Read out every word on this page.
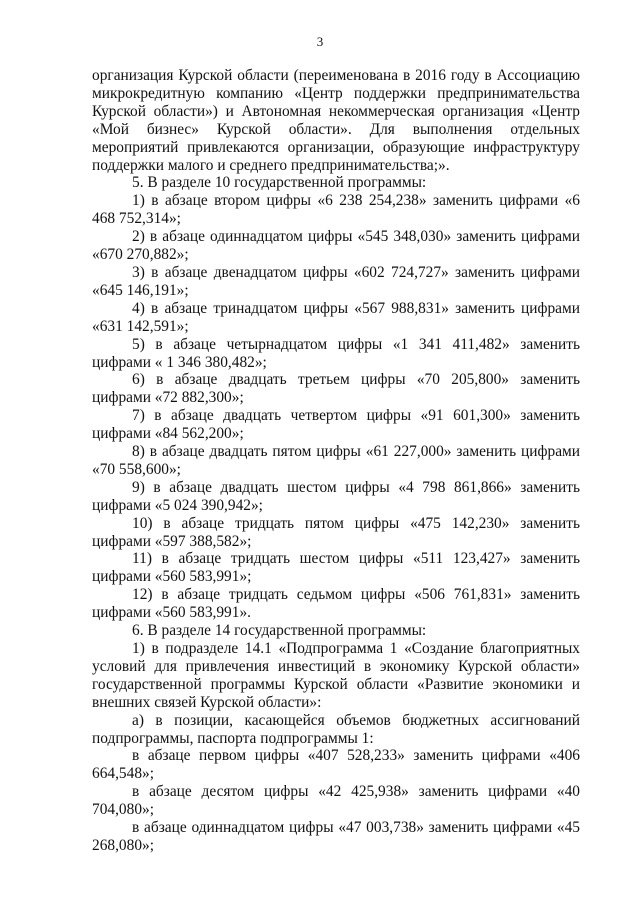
3

организация Курской области (переименована в 2016 году в Ассоциацию микрокредитную компанию «Центр поддержки предпринимательства Курской области») и Автономная некоммерческая организация «Центр «Мой бизнес» Курской области». Для выполнения отдельных мероприятий привлекаются организации, образующие инфраструктуру поддержки малого и среднего предпринимательства;».

5. В разделе 10 государственной программы:

1) в абзаце втором цифры «6 238 254,238» заменить цифрами «6 468 752,314»;

2) в абзаце одиннадцатом цифры «545 348,030» заменить цифрами «670 270,882»;

3) в абзаце двенадцатом цифры «602 724,727» заменить цифрами «645 146,191»;

4) в абзаце тринадцатом цифры «567 988,831» заменить цифрами «631 142,591»;

5) в абзаце четырнадцатом цифры «1 341 411,482» заменить цифрами « 1 346 380,482»;

6) в абзаце двадцать третьем цифры «70 205,800» заменить цифрами «72 882,300»;

7) в абзаце двадцать четвертом цифры «91 601,300» заменить цифрами «84 562,200»;

8) в абзаце двадцать пятом цифры «61 227,000» заменить цифрами «70 558,600»;

9) в абзаце двадцать шестом цифры «4 798 861,866» заменить цифрами «5 024 390,942»;

10) в абзаце тридцать пятом цифры «475 142,230» заменить цифрами «597 388,582»;

11) в абзаце тридцать шестом цифры «511 123,427» заменить цифрами «560 583,991»;

12) в абзаце тридцать седьмом цифры «506 761,831» заменить цифрами «560 583,991».

6. В разделе 14 государственной программы:

1) в подразделе 14.1 «Подпрограмма 1 «Создание благоприятных условий для привлечения инвестиций в экономику Курской области» государственной программы Курской области «Развитие экономики и внешних связей Курской области»:

а) в позиции, касающейся объемов бюджетных ассигнований подпрограммы, паспорта подпрограммы 1:

в абзаце первом цифры «407 528,233» заменить цифрами «406 664,548»;

в абзаце десятом цифры «42 425,938» заменить цифрами «40 704,080»;

в абзаце одиннадцатом цифры «47 003,738» заменить цифрами «45 268,080»;
